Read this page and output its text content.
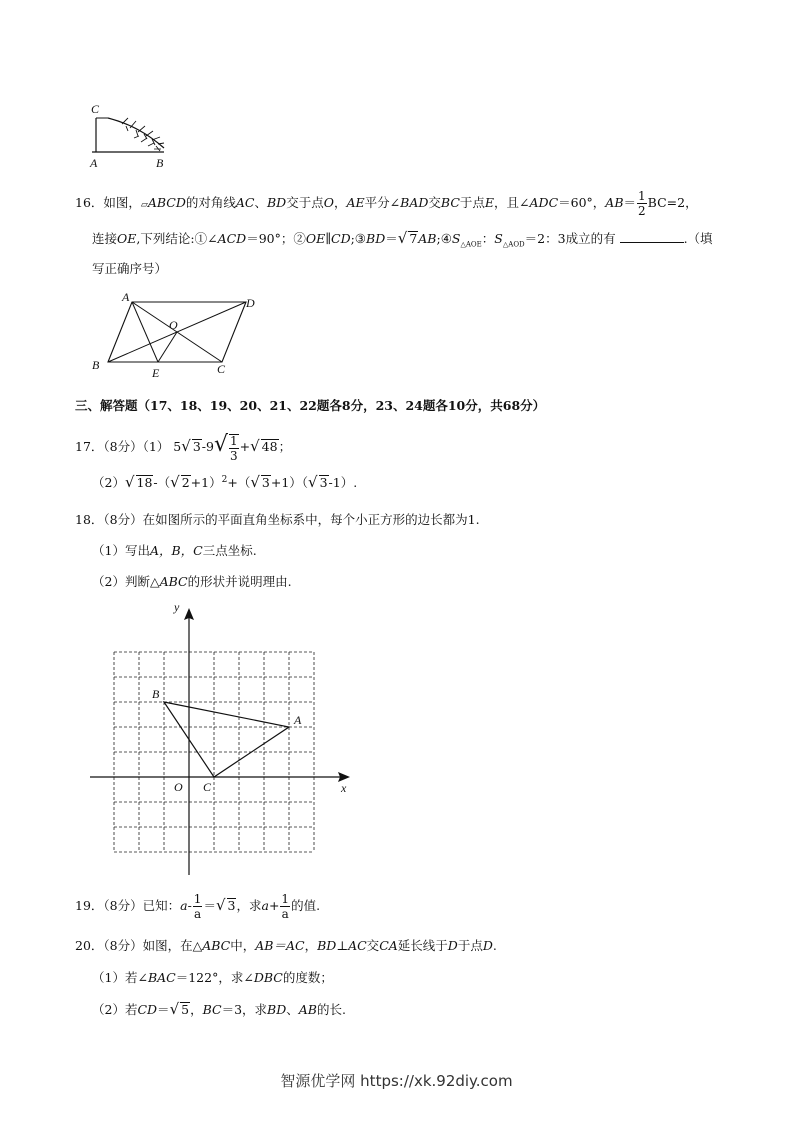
C
A	B
16．如图，▱ABCD的对角线AC、BD交于点O，AE平分∠BAD交BC于点E，且∠ADC＝60°，$AB= \frac{1}{2} BC=2$，
连接OE,下列结论:①∠ACD＝90°；②OE∥CD;③BD＝√ $7AB;④S_{\triangle AOE}$：$S_{\triangle AOD}=2$：3成立的有	.（填
写正确序号）
A	D
O
B
E	C
三、解答题（17、18、19、20、21、22题各8分，23、24题各10分，共68分）
17．（8分）（1） 5√ $3-9√ \frac{1}{3}$ +√ 48；
（2）√ 18-（√ 2+1）$^2$+（√ 3+1）（√ 3-1）.
18．（8分）在如图所示的平面直角坐标系中，每个小正方形的边长都为1.
（1）写出A，B，C三点坐标.
（2）判断△ABC的形状并说明理由.
y
x
O C
B
A
19．（8分）已知：$a- \frac{1}{a}$ ＝√ 3，求$a+ \frac{1}{a}$ 的值.
20．（8分）如图，在△ABC中，AB＝AC，BD⊥AC交CA延长线于D于点D.
（1）若∠BAC＝122°，求∠DBC的度数；
（2）若CD＝√ 5，BC＝3，求BD、AB的长.
智源优学网 https://xk.92diy.com
